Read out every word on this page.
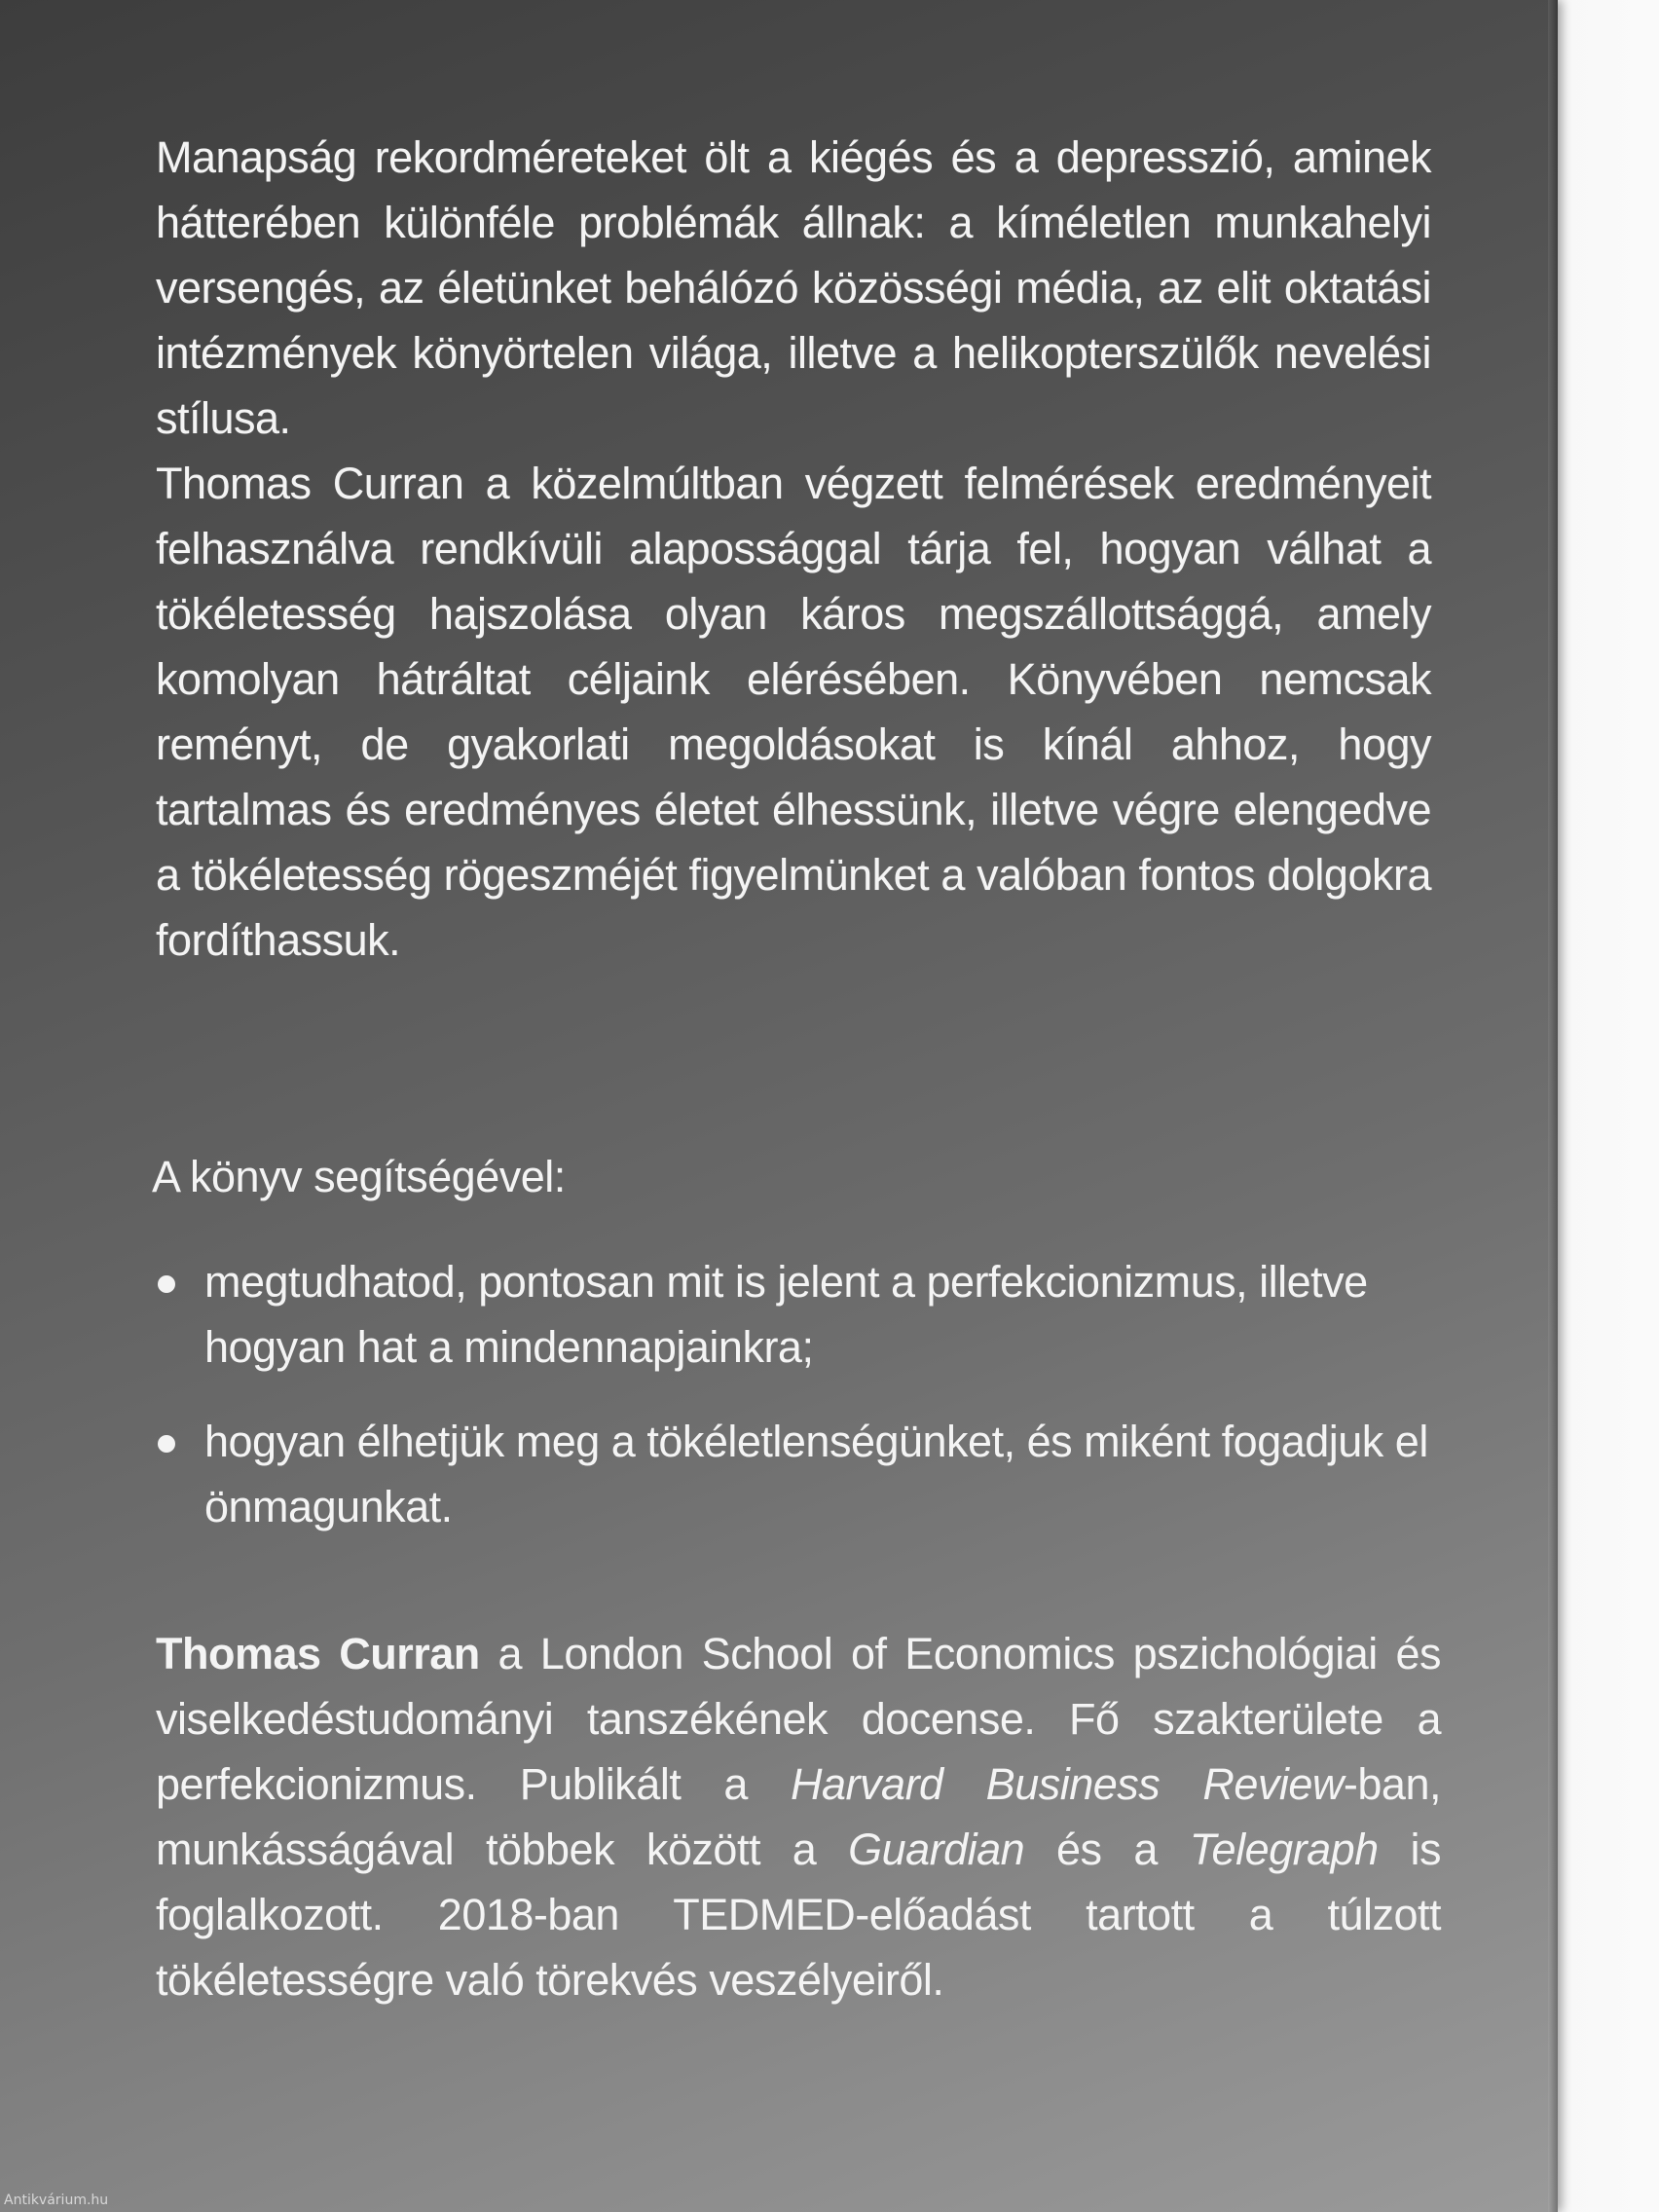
Manapság rekordméreteket ölt a kiégés és a depresszió, aminek hátterében különféle problémák állnak: a kíméletlen munkahelyi versengés, az életünket behálózó közösségi média, az elit oktatási intézmények könyörtelen világa, illetve a helikopterszülők nevelési stílusa.

Thomas Curran a közelmúltban végzett felmérések eredményeit felhasználva rendkívüli alapossággal tárja fel, hogyan válhat a tökéletesség hajszolása olyan káros megszállottsággá, amely komolyan hátráltat céljaink elérésében. Könyvében nemcsak reményt, de gyakorlati megoldásokat is kínál ahhoz, hogy tartalmas és eredményes életet élhessünk, illetve végre elengedve a tökéletesség rögeszméjét figyelmünket a valóban fontos dolgokra fordíthassuk.

A könyv segítségével:
megtudhatod, pontosan mit is jelent a perfekcionizmus, illetve hogyan hat a mindennapjainkra;
hogyan élhetjük meg a tökéletlenségünket, és miként fogadjuk el önmagunkat.

Thomas Curran a London School of Economics pszichológiai és viselkedéstudományi tanszékének docense. Fő szakterülete a perfekcionizmus. Publikált a Harvard Business Review-ban, munkásságával többek között a Guardian és a Telegraph is foglalkozott. 2018-ban TEDMED-előadást tartott a túlzott tökéletességre való törekvés veszélyeiről.

Antikvárium.hu
